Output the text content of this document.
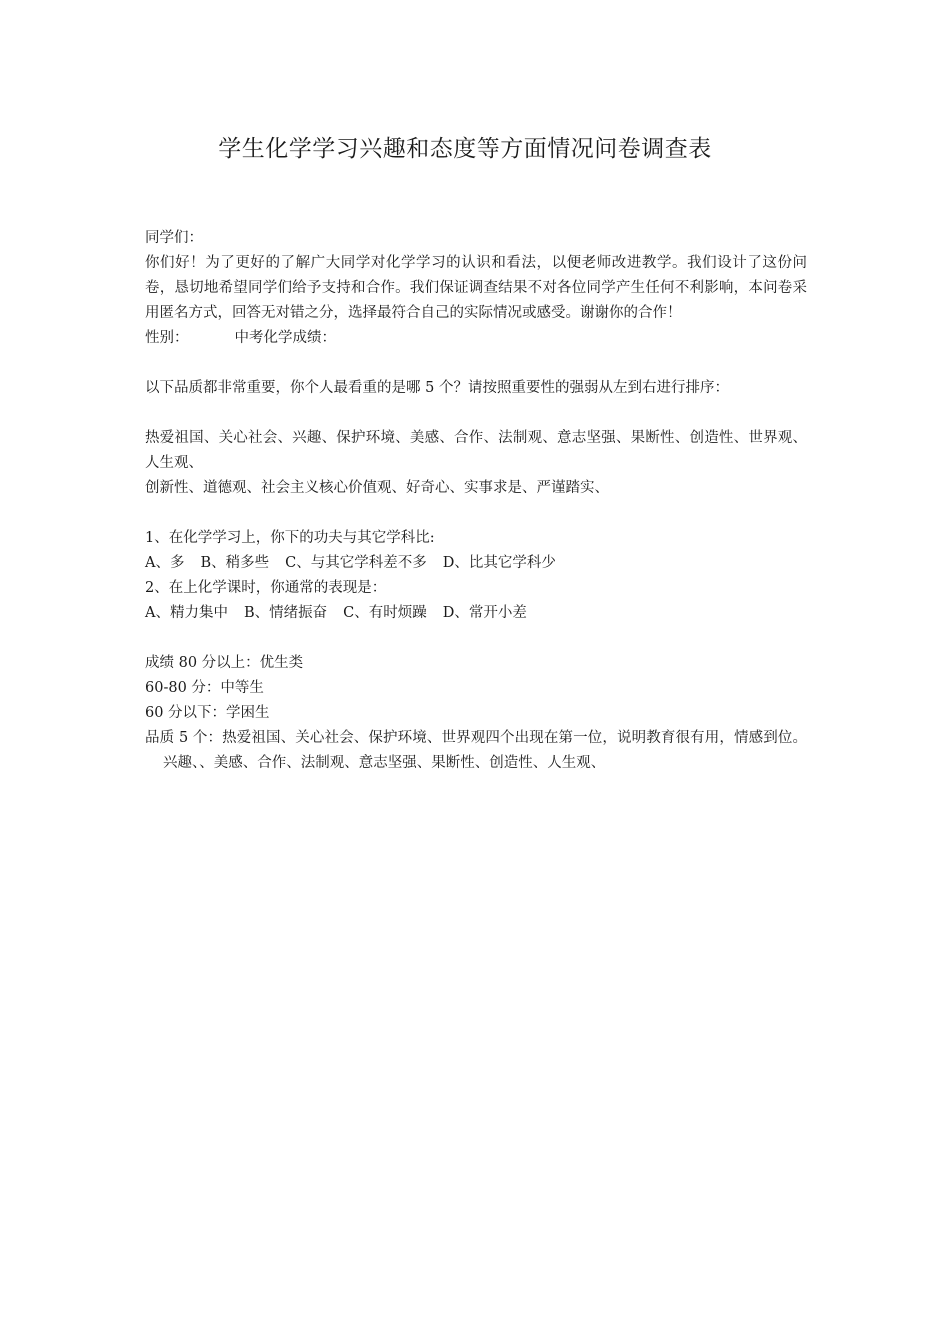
学生化学学习兴趣和态度等方面情况问卷调查表
同学们：
你们好！为了更好的了解广大同学对化学学习的认识和看法，以便老师改进教学。我们设计了这份问卷，恳切地希望同学们给予支持和合作。我们保证调查结果不对各位同学产生任何不利影响，本问卷采用匿名方式，回答无对错之分，选择最符合自己的实际情况或感受。谢谢你的合作！
性别：	中考化学成绩：
以下品质都非常重要，你个人最看重的是哪 5 个？请按照重要性的强弱从左到右进行排序：
热爱祖国、关心社会、兴趣、保护环境、美感、合作、法制观、意志坚强、果断性、创造性、世界观、人生观、
创新性、道德观、社会主义核心价值观、好奇心、实事求是、严谨踏实、
1、在化学学习上，你下的功夫与其它学科比:
A、多 B、稍多些 C、与其它学科差不多 D、比其它学科少
2、在上化学课时，你通常的表现是：
A、精力集中 B、情绪振奋 C、有时烦躁 D、常开小差
成绩 80 分以上：优生类
60-80 分：中等生
60 分以下：学困生
品质 5 个：热爱祖国、关心社会、保护环境、世界观四个出现在第一位，说明教育很有用，情感到位。兴趣、、美感、合作、法制观、意志坚强、果断性、创造性、人生观、
